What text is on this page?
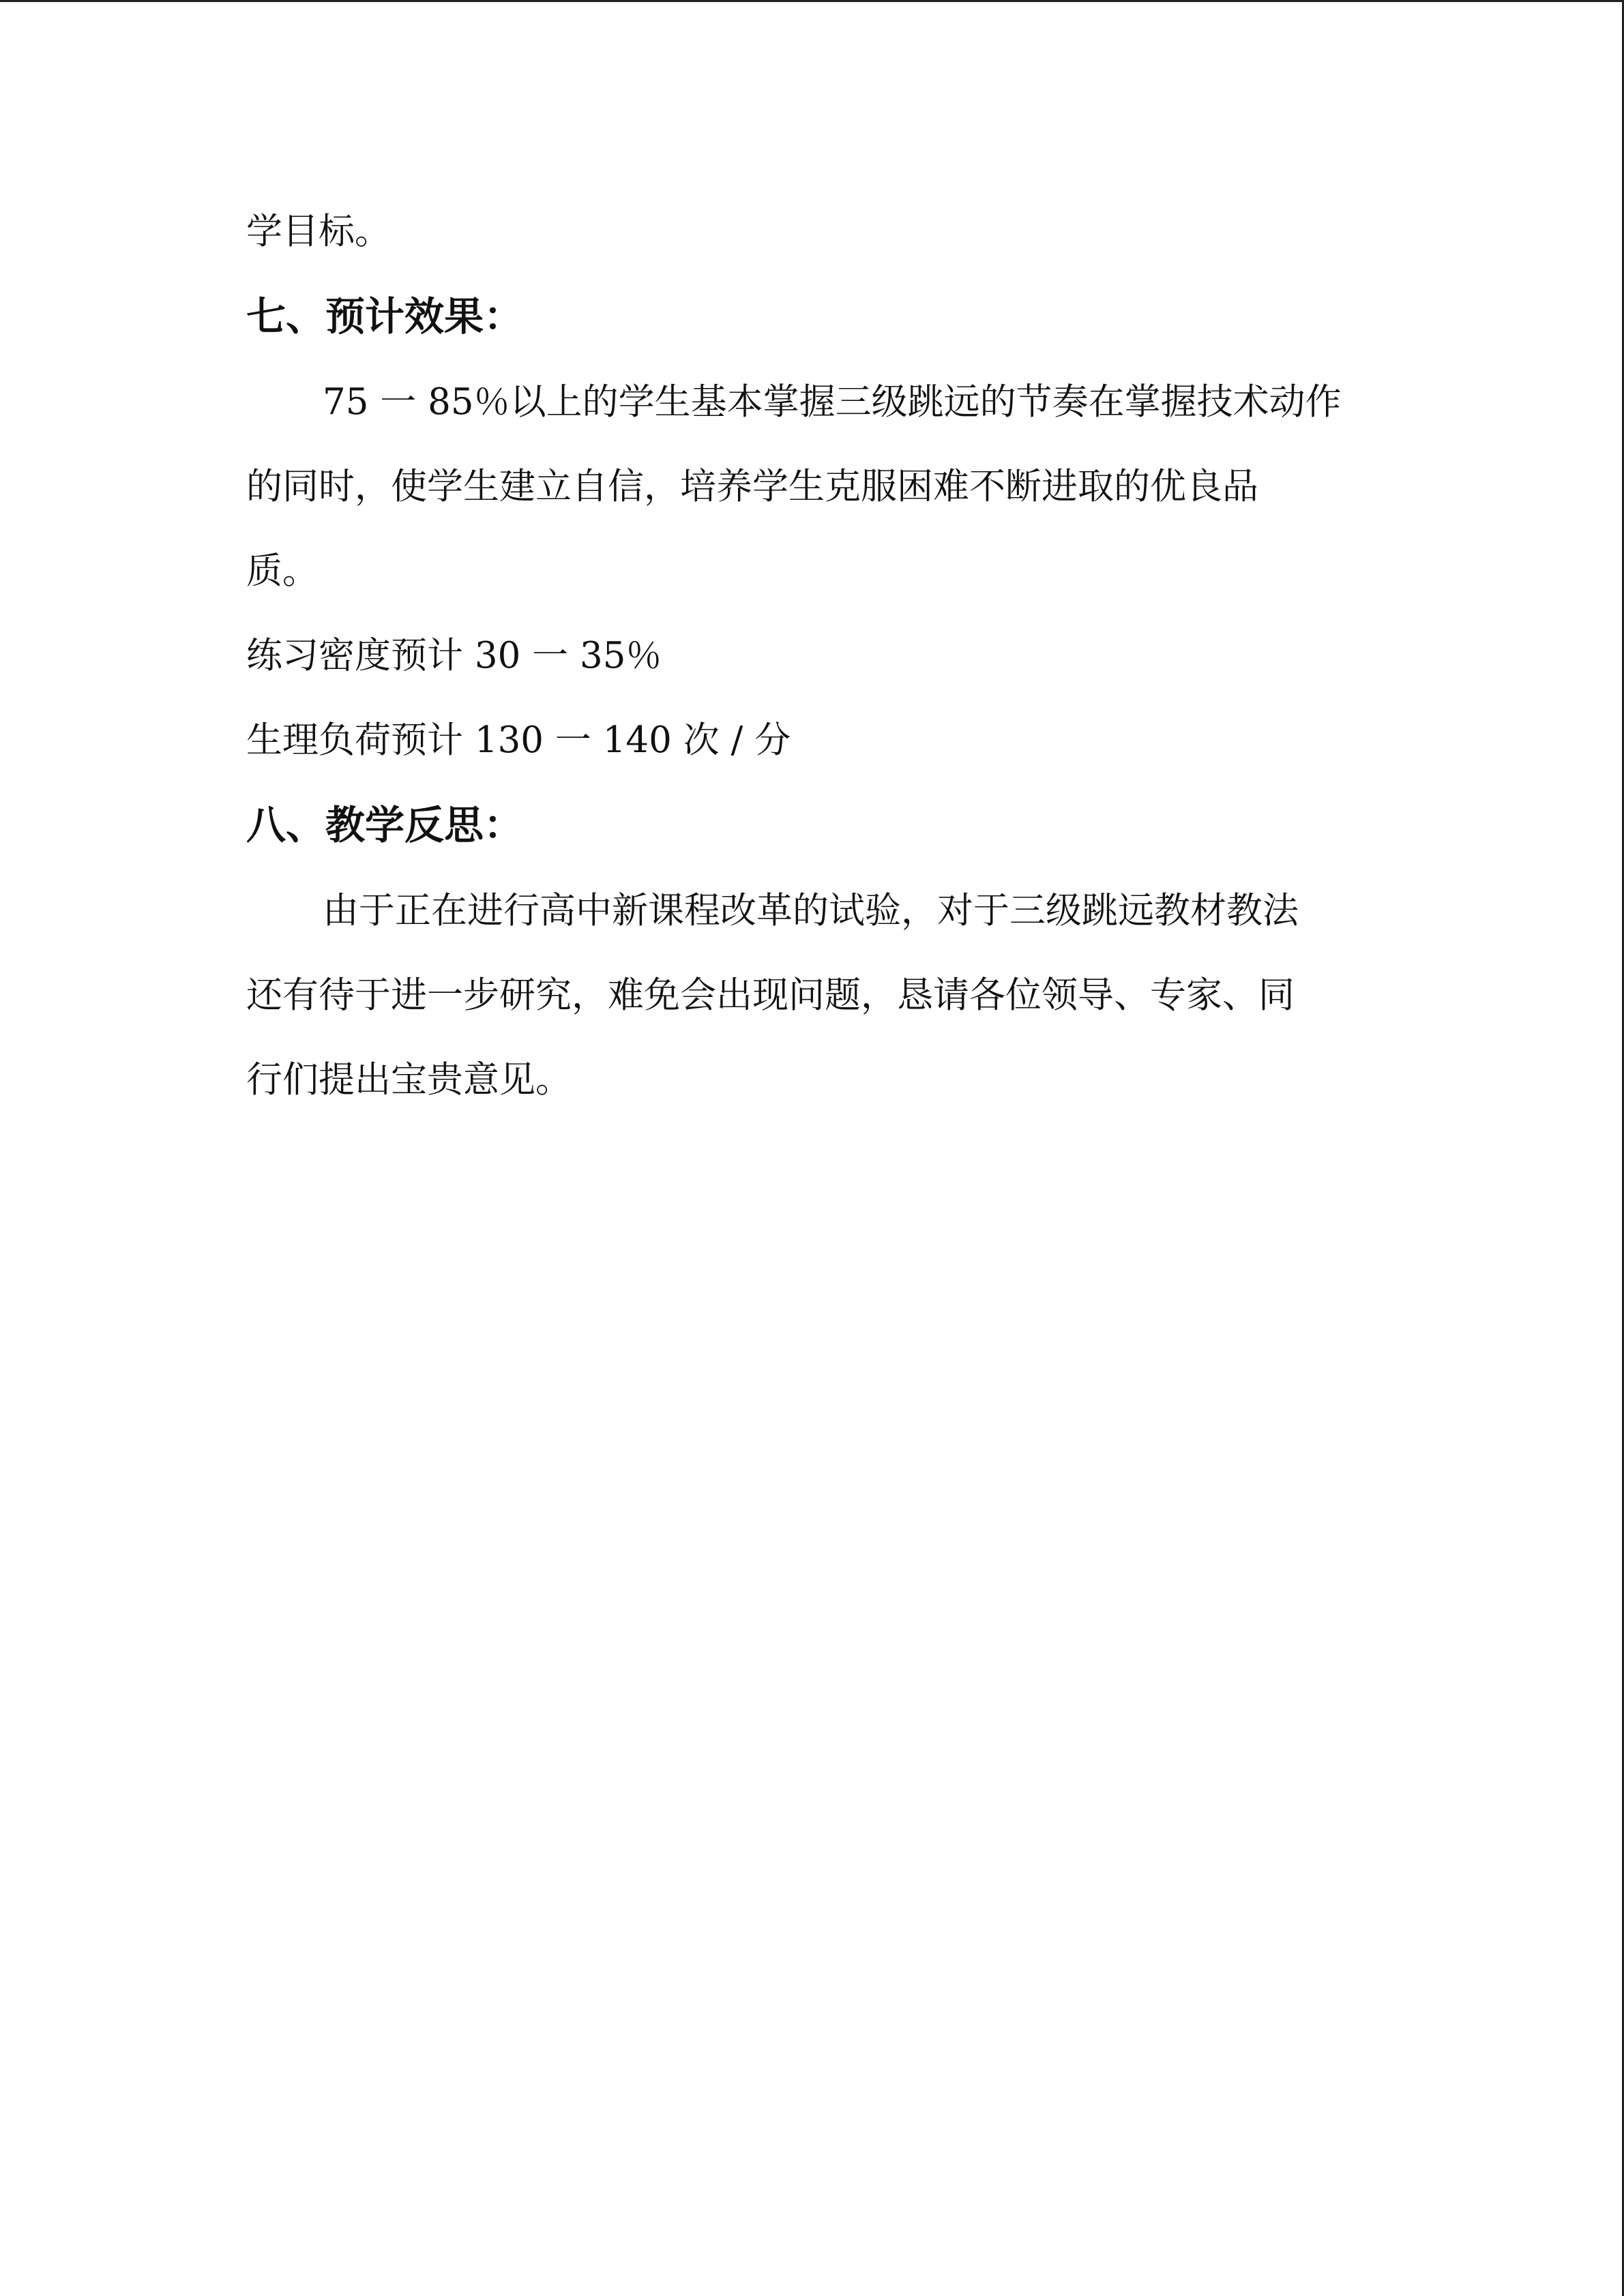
学目标。

七、预计效果：

75 一 85％以上的学生基本掌握三级跳远的节奏在掌握技术动作

的同时，使学生建立自信，培养学生克服困难不断进取的优良品

质。

练习密度预计 30 一 35％

生理负荷预计 130 一 140 次 / 分

八、教学反思：

由于正在进行高中新课程改革的试验，对于三级跳远教材教法

还有待于进一步研究，难免会出现问题，恳请各位领导、专家、同

行们提出宝贵意见。
